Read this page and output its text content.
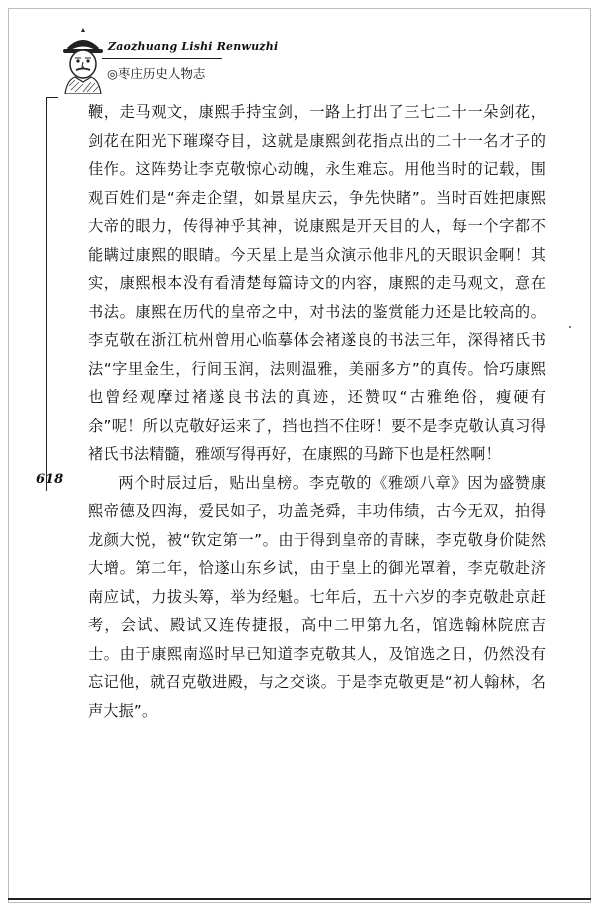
Zaozhuang Lishi Renwuzhi
◎枣庄历史人物志
618

鞭，走马观文，康熙手持宝剑，一路上打出了三七二十一朵剑花，剑花在阳光下璀璨夺目，这就是康熙剑花指点出的二十一名才子的佳作。这阵势让李克敬惊心动魄，永生难忘。用他当时的记载，围观百姓们是“奔走企望，如景星庆云，争先快睹”。当时百姓把康熙大帝的眼力，传得神乎其神，说康熙是开天目的人，每一个字都不能瞒过康熙的眼睛。今天星上是当众演示他非凡的天眼识金啊！其实，康熙根本没有看清楚每篇诗文的内容，康熙的走马观文，意在书法。康熙在历代的皇帝之中，对书法的鉴赏能力还是比较高的。李克敬在浙江杭州曾用心临摹体会褚遂良的书法三年，深得褚氏书法“字里金生，行间玉润，法则温雅，美丽多方”的真传。恰巧康熙也曾经观摩过褚遂良书法的真迹，还赞叹“古雅绝俗，瘦硬有余”呢！所以克敬好运来了，挡也挡不住呀！要不是李克敬认真习得褚氏书法精髓，雅颂写得再好，在康熙的马蹄下也是枉然啊！

两个时辰过后，贴出皇榜。李克敬的《雅颂八章》因为盛赞康熙帝德及四海，爱民如子，功盖尧舜，丰功伟绩，古今无双，拍得龙颜大悦，被“钦定第一”。由于得到皇帝的青睐，李克敬身价陡然大增。第二年，恰遂山东乡试，由于皇上的御光罩着，李克敬赴济南应试，力拔头筹，举为经魁。七年后，五十六岁的李克敬赴京赶考，会试、殿试又连传捷报，高中二甲第九名，馆选翰林院庶吉士。由于康熙南巡时早已知道李克敬其人，及馆选之日，仍然没有忘记他，就召克敬进殿，与之交谈。于是李克敬更是“初人翰林，名声大振”。
